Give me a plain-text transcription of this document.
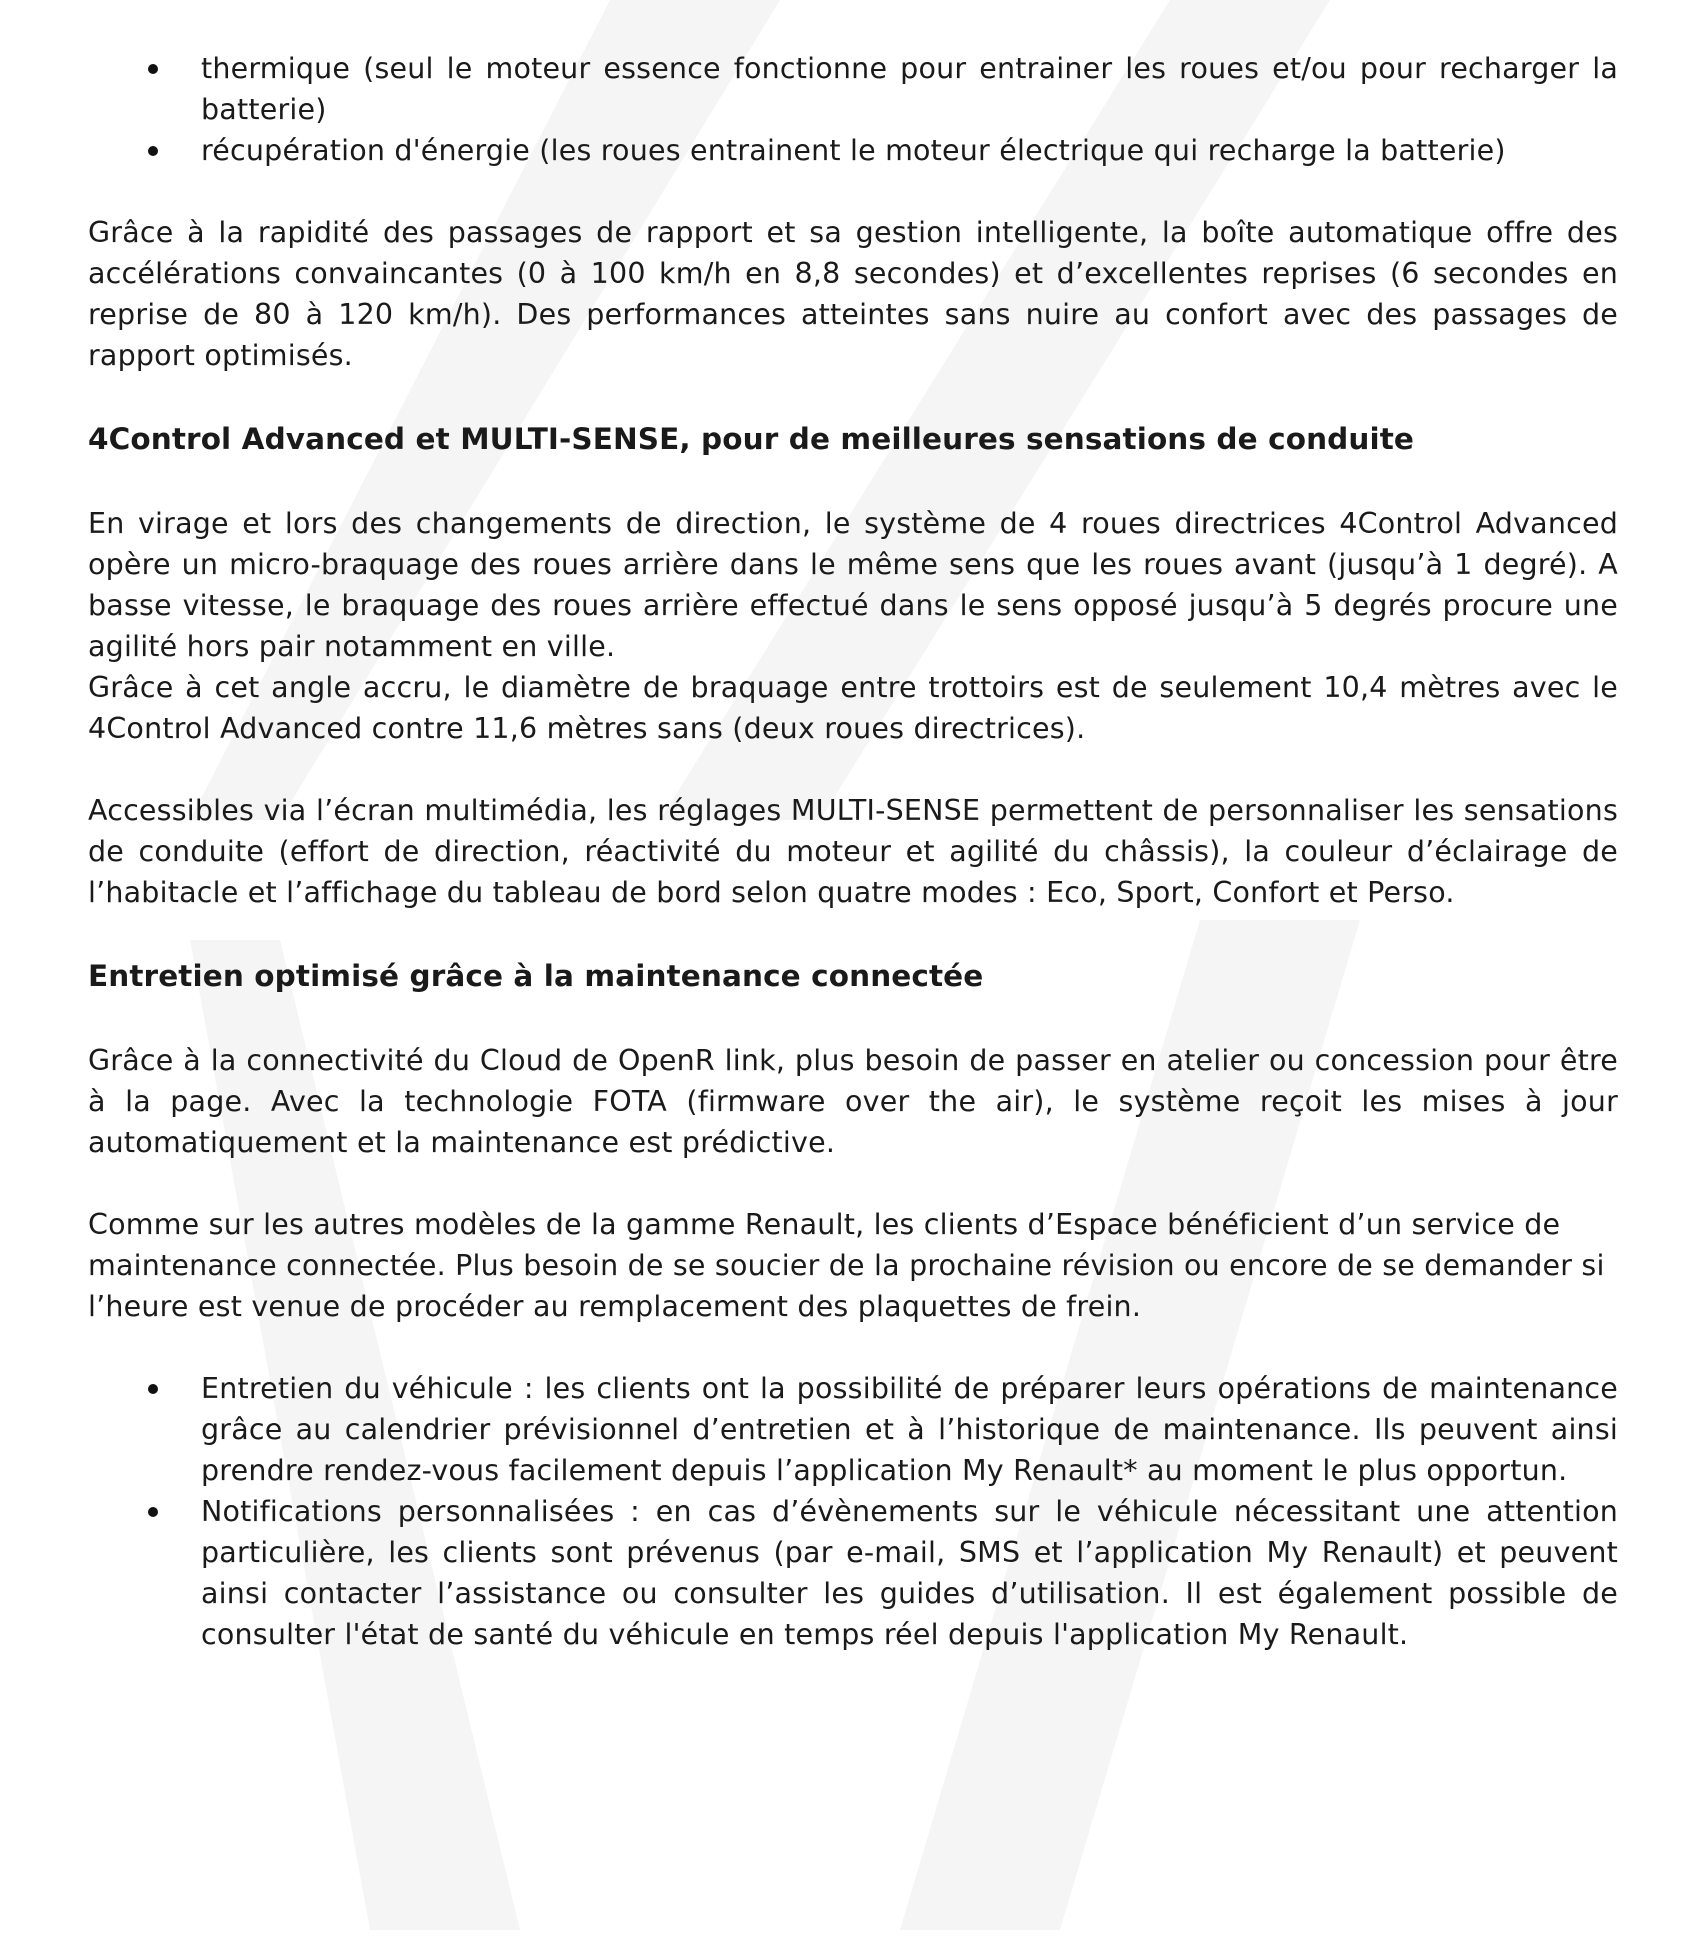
thermique (seul le moteur essence fonctionne pour entrainer les roues et/ou pour recharger la batterie)
récupération d'énergie (les roues entrainent le moteur électrique qui recharge la batterie)

Grâce à la rapidité des passages de rapport et sa gestion intelligente, la boîte automatique offre des accélérations convaincantes (0 à 100 km/h en 8,8 secondes) et d’excellentes reprises (6 secondes en reprise de 80 à 120 km/h). Des performances atteintes sans nuire au confort avec des passages de rapport optimisés.

4Control Advanced et MULTI-SENSE, pour de meilleures sensations de conduite

En virage et lors des changements de direction, le système de 4 roues directrices 4Control Advanced opère un micro-braquage des roues arrière dans le même sens que les roues avant (jusqu’à 1 degré). A basse vitesse, le braquage des roues arrière effectué dans le sens opposé jusqu’à 5 degrés procure une agilité hors pair notamment en ville.

Grâce à cet angle accru, le diamètre de braquage entre trottoirs est de seulement 10,4 mètres avec le 4Control Advanced contre 11,6 mètres sans (deux roues directrices).

Accessibles via l’écran multimédia, les réglages MULTI-SENSE permettent de personnaliser les sensations de conduite (effort de direction, réactivité du moteur et agilité du châssis), la couleur d’éclairage de l’habitacle et l’affichage du tableau de bord selon quatre modes : Eco, Sport, Confort et Perso.

Entretien optimisé grâce à la maintenance connectée

Grâce à la connectivité du Cloud de OpenR link, plus besoin de passer en atelier ou concession pour être à la page. Avec la technologie FOTA (firmware over the air), le système reçoit les mises à jour automatiquement et la maintenance est prédictive.

Comme sur les autres modèles de la gamme Renault, les clients d’Espace bénéficient d’un service de maintenance connectée. Plus besoin de se soucier de la prochaine révision ou encore de se demander si l’heure est venue de procéder au remplacement des plaquettes de frein.

Entretien du véhicule : les clients ont la possibilité de préparer leurs opérations de maintenance grâce au calendrier prévisionnel d’entretien et à l’historique de maintenance. Ils peuvent ainsi prendre rendez-vous facilement depuis l’application My Renault* au moment le plus opportun.
Notifications personnalisées : en cas d’évènements sur le véhicule nécessitant une attention particulière, les clients sont prévenus (par e-mail, SMS et l’application My Renault) et peuvent ainsi contacter l’assistance ou consulter les guides d’utilisation. Il est également possible de consulter l'état de santé du véhicule en temps réel depuis l'application My Renault.
